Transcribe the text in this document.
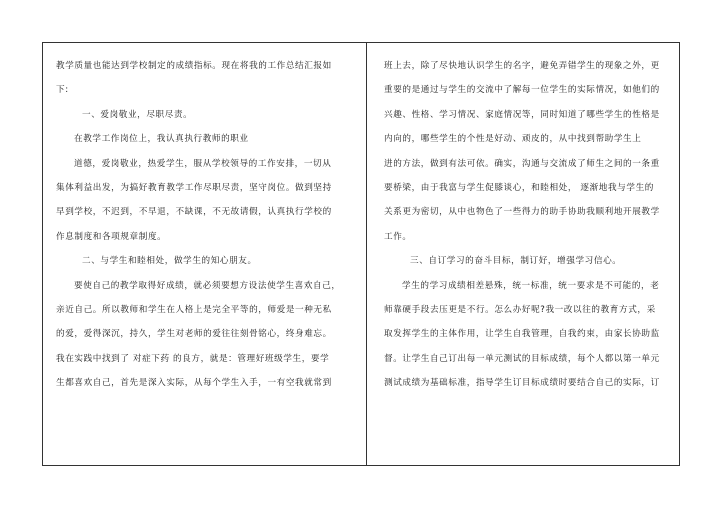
教学质量也能达到学校制定的成绩指标。现在将我的工作总结汇报如
下:
一、爱岗敬业，尽职尽责。
在教学工作岗位上，我认真执行教师的职业
道德，爱岗敬业，热爱学生，服从学校领导的工作安排，一切从
集体利益出发，为搞好教育教学工作尽职尽责，坚守岗位。做到坚持
早到学校，不迟到，不早退，不缺课，不无故请假，认真执行学校的
作息制度和各项规章制度。
二、与学生和睦相处，做学生的知心朋友。
要使自己的教学取得好成绩，就必须要想方设法使学生喜欢自己，
亲近自己。所以教师和学生在人格上是完全平等的，师爱是一种无私
的爱，爱得深沉，持久，学生对老师的爱往往刻骨铭心，终身难忘。
我在实践中找到了 对症下药 的良方，就是：管理好班级学生，要学
生都喜欢自己，首先是深入实际，从每个学生入手，一有空我就常到
班上去，除了尽快地认识学生的名字，避免弄错学生的现象之外，更
重要的是通过与学生的交流中了解每一位学生的实际情况，如他们的
兴趣、性格、学习情况、家庭情况等，同时知道了哪些学生的性格是
内向的，哪些学生的个性是好动、顽皮的，从中找到帮助学生上
进的方法，做到有法可依。确实，沟通与交流成了师生之间的一条重
要桥梁，由于我富与学生促膝谈心，和睦相处， 逐渐地我与学生的
关系更为密切，从中也物色了一些得力的助手协助我顺利地开展教学
工作。
三、自订学习的奋斗目标，制订好，增强学习信心。
学生的学习成绩相差悬殊，统一标准，统一要求是不可能的，老
师靠硬手段去压更是不行。怎么办好呢?我一改以往的教育方式，采
取发挥学生的主体作用，让学生自我管理，自我约束，由家长协助监
督。让学生自己订出每一单元测试的目标成绩，每个人都以第一单元
测试成绩为基础标准，指导学生订目标成绩时要结合自己的实际，订
